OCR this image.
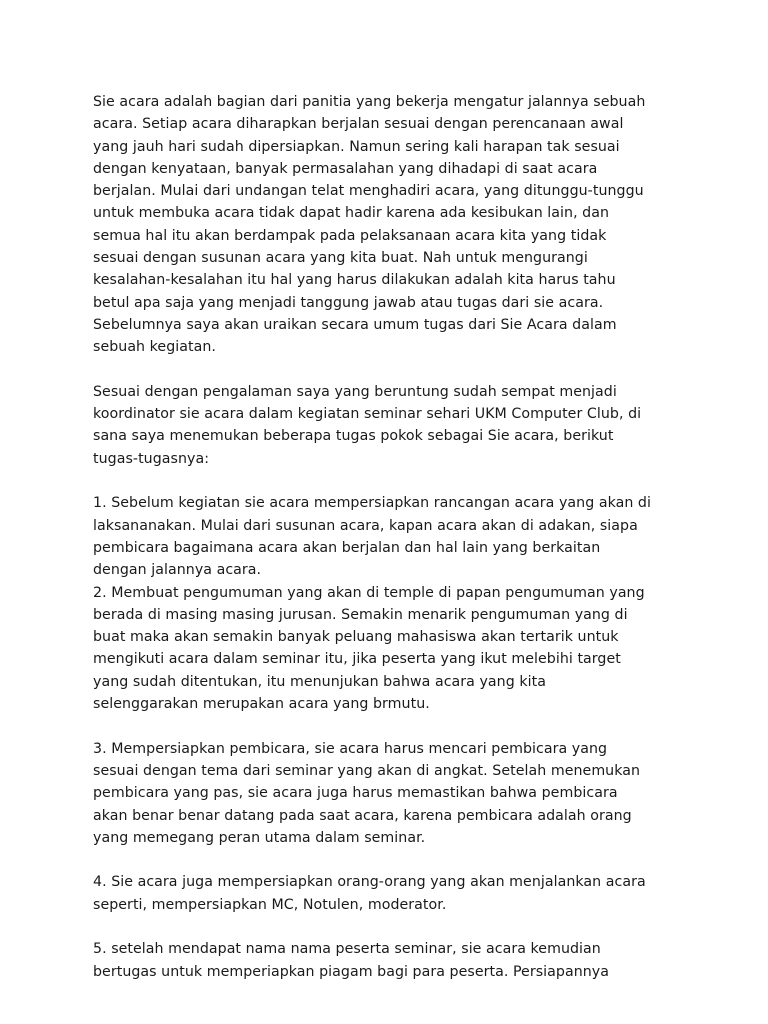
Sie acara adalah bagian dari panitia yang bekerja mengatur jalannya sebuah
acara. Setiap acara diharapkan berjalan sesuai dengan perencanaan awal
yang jauh hari sudah dipersiapkan. Namun sering kali harapan tak sesuai
dengan kenyataan, banyak permasalahan yang dihadapi di saat acara
berjalan. Mulai dari undangan telat menghadiri acara, yang ditunggu-tunggu
untuk membuka acara tidak dapat hadir karena ada kesibukan lain, dan
semua hal itu akan berdampak pada pelaksanaan acara kita yang tidak
sesuai dengan susunan acara yang kita buat. Nah untuk mengurangi
kesalahan-kesalahan itu hal yang harus dilakukan adalah kita harus tahu
betul apa saja yang menjadi tanggung jawab atau tugas dari sie acara.
Sebelumnya saya akan uraikan secara umum tugas dari Sie Acara dalam
sebuah kegiatan.

Sesuai dengan pengalaman saya yang beruntung sudah sempat menjadi
koordinator sie acara dalam kegiatan seminar sehari UKM Computer Club, di
sana saya menemukan beberapa tugas pokok sebagai Sie acara, berikut
tugas-tugasnya:

1. Sebelum kegiatan sie acara mempersiapkan rancangan acara yang akan di
laksananakan. Mulai dari susunan acara, kapan acara akan di adakan, siapa
pembicara bagaimana acara akan berjalan dan hal lain yang berkaitan
dengan jalannya acara.

2. Membuat pengumuman yang akan di temple di papan pengumuman yang
berada di masing masing jurusan. Semakin menarik pengumuman yang di
buat maka akan semakin banyak peluang mahasiswa akan tertarik untuk
mengikuti acara dalam seminar itu, jika peserta yang ikut melebihi target
yang sudah ditentukan, itu menunjukan bahwa acara yang kita
selenggarakan merupakan acara yang brmutu.

3. Mempersiapkan pembicara, sie acara harus mencari pembicara yang
sesuai dengan tema dari seminar yang akan di angkat. Setelah menemukan
pembicara yang pas, sie acara juga harus memastikan bahwa pembicara
akan benar benar datang pada saat acara, karena pembicara adalah orang
yang memegang peran utama dalam seminar.

4. Sie acara juga mempersiapkan orang-orang yang akan menjalankan acara
seperti, mempersiapkan MC, Notulen, moderator.

5. setelah mendapat nama nama peserta seminar, sie acara kemudian
bertugas untuk memperiapkan piagam bagi para peserta. Persiapannya
